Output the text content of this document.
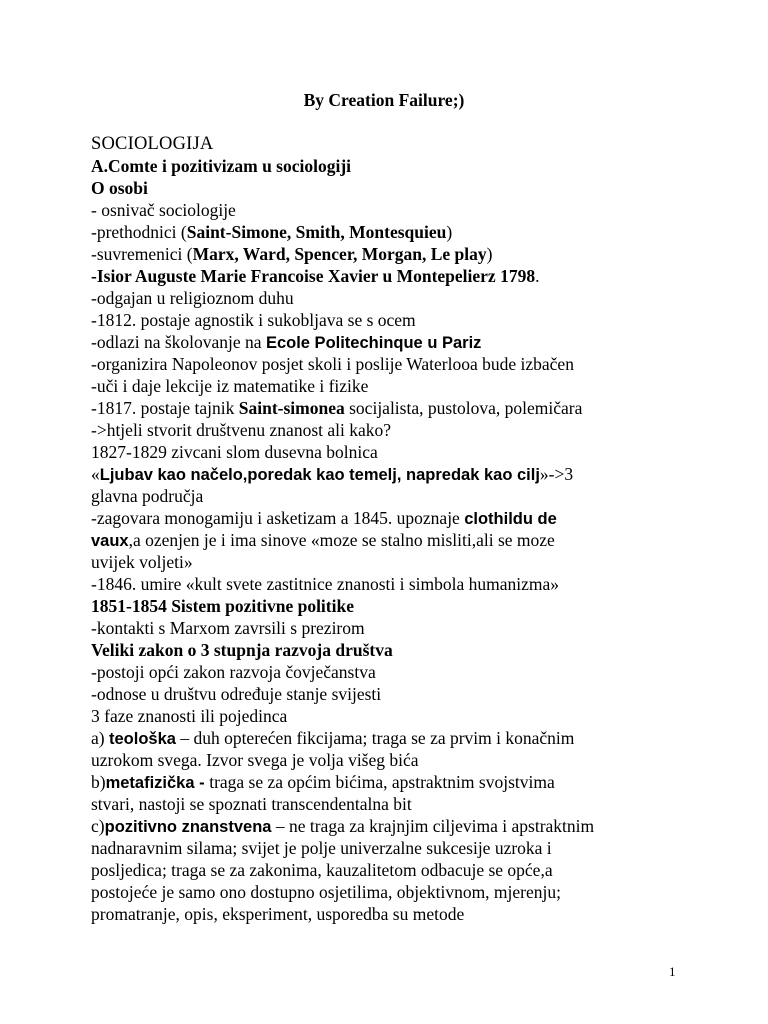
By Creation Failure;)
SOCIOLOGIJA
A.Comte i pozitivizam u sociologiji
O osobi
- osnivač sociologije
-prethodnici (Saint-Simone, Smith, Montesquieu)
-suvremenici (Marx, Ward, Spencer, Morgan, Le play)
-Isior Auguste Marie Francoise Xavier u Montepelierz 1798.
-odgajan u religioznom duhu
-1812. postaje agnostik i sukobljava se s ocem
-odlazi na školovanje na Ecole Politechinque u Pariz
-organizira Napoleonov posjet skoli i poslije Waterlooa bude izbačen
-uči i daje lekcije iz matematike i fizike
-1817. postaje tajnik Saint-simonea socijalista, pustolova, polemičara
->htjeli stvorit društvenu znanost ali kako?
1827-1829 zivcani slom dusevna bolnica
«Ljubav kao načelo,poredak kao temelj, napredak kao cilj»->3
glavna područja
-zagovara monogamiju i asketizam a 1845. upoznaje clothildu de
vaux,a ozenjen je i ima sinove «moze se stalno misliti,ali se moze
uvijek voljeti»
-1846. umire «kult svete zastitnice znanosti i simbola humanizma»
1851-1854 Sistem pozitivne politike
-kontakti s Marxom zavrsili s prezirom
Veliki zakon o 3 stupnja razvoja društva
-postoji opći zakon razvoja čovječanstva
-odnose u društvu određuje stanje svijesti
3 faze znanosti ili pojedinca
a) teološka – duh opterećen fikcijama; traga se za prvim i konačnim
uzrokom svega. Izvor svega je volja višeg bića
b)metafizička - traga se za općim bićima, apstraktnim svojstvima
stvari, nastoji se spoznati transcendentalna bit
c)pozitivno znanstvena – ne traga za krajnjim ciljevima i apstraktnim
nadnaravnim silama; svijet je polje univerzalne sukcesije uzroka i
posljedica; traga se za zakonima, kauzalitetom odbacuje se opće,a
postojeće je samo ono dostupno osjetilima, objektivnom, mjerenju;
promatranje, opis, eksperiment, usporedba su metode
1
